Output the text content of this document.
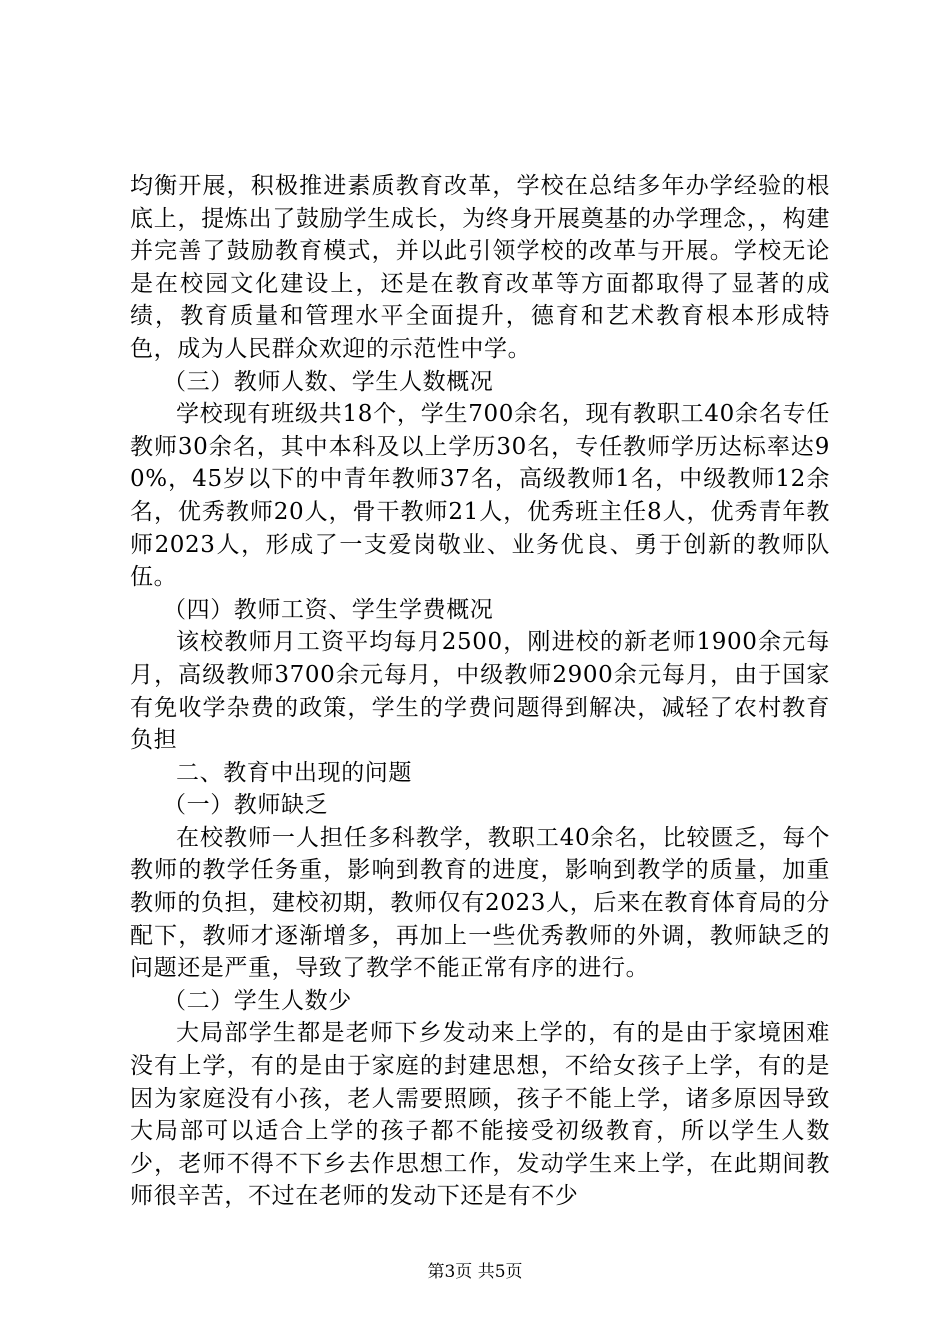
均衡开展，积极推进素质教育改革，学校在总结多年办学经验的根底上，提炼出了鼓励学生成长，为终身开展奠基的办学理念，，构建并完善了鼓励教育模式，并以此引领学校的改革与开展。学校无论是在校园文化建设上，还是在教育改革等方面都取得了显著的成绩，教育质量和管理水平全面提升，德育和艺术教育根本形成特色，成为人民群众欢迎的示范性中学。

（三）教师人数、学生人数概况

学校现有班级共18个，学生700余名，现有教职工40余名专任教师30余名，其中本科及以上学历30名，专任教师学历达标率达90%，45岁以下的中青年教师37名，高级教师1名，中级教师12余名，优秀教师20人，骨干教师21人，优秀班主任8人，优秀青年教师2023人，形成了一支爱岗敬业、业务优良、勇于创新的教师队伍。

（四）教师工资、学生学费概况

该校教师月工资平均每月2500，刚进校的新老师1900余元每月，高级教师3700余元每月，中级教师2900余元每月，由于国家有免收学杂费的政策，学生的学费问题得到解决，减轻了农村教育负担

二、教育中出现的问题

（一）教师缺乏

在校教师一人担任多科教学，教职工40余名，比较匮乏，每个教师的教学任务重，影响到教育的进度，影响到教学的质量，加重教师的负担，建校初期，教师仅有2023人，后来在教育体育局的分配下，教师才逐渐增多，再加上一些优秀教师的外调，教师缺乏的问题还是严重，导致了教学不能正常有序的进行。

（二）学生人数少

大局部学生都是老师下乡发动来上学的，有的是由于家境困难没有上学，有的是由于家庭的封建思想，不给女孩子上学，有的是因为家庭没有小孩，老人需要照顾，孩子不能上学，诸多原因导致大局部可以适合上学的孩子都不能接受初级教育，所以学生人数少，老师不得不下乡去作思想工作，发动学生来上学，在此期间教师很辛苦，不过在老师的发动下还是有不少

第3页 共5页
